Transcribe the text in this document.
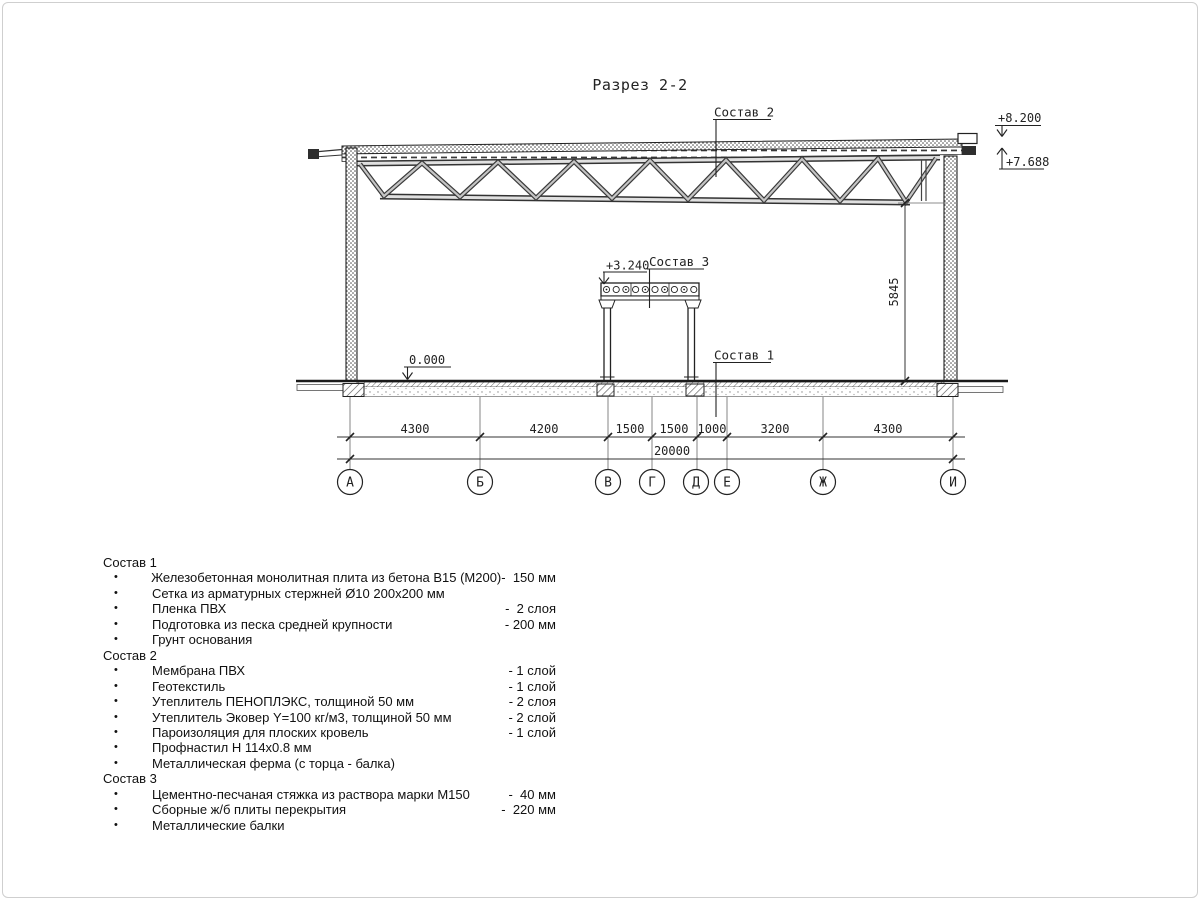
Разрез 2-2
4300	4200	1500 1500 1000	3200	4300
20000
А	Б	В	Г	Д Е	Ж	И
5845
+8.200
+7.688
+3.240
0.000
Состав 2
Состав 3
Состав 1
Состав 1
•	Железобетонная монолитная плита из бетона В15 (М200) -  150 мм
•	Сетка из арматурных стержней Ø10 200x200 мм
•	Пленка ПВХ	-  2 слоя
•	Подготовка из песка средней крупности	- 200 мм
•	Грунт основания
Состав 2
•	Мембрана ПВХ	- 1 слой
•	Геотекстиль	- 1 слой
•	Утеплитель ПЕНОПЛЭКС, толщиной 50 мм	- 2 слоя
•	Утеплитель Эковер Y=100 кг/м3, толщиной 50 мм	- 2 слой
•	Пароизоляция для плоских кровель	- 1 слой
•	Профнастил Н 114x0.8 мм
•	Металлическая ферма (с торца - балка)
Состав 3
•	Цементно-песчаная стяжка из раствора марки М150	-  40 мм
•	Сборные ж/б плиты перекрытия	-  220 мм
•	Металлические балки
